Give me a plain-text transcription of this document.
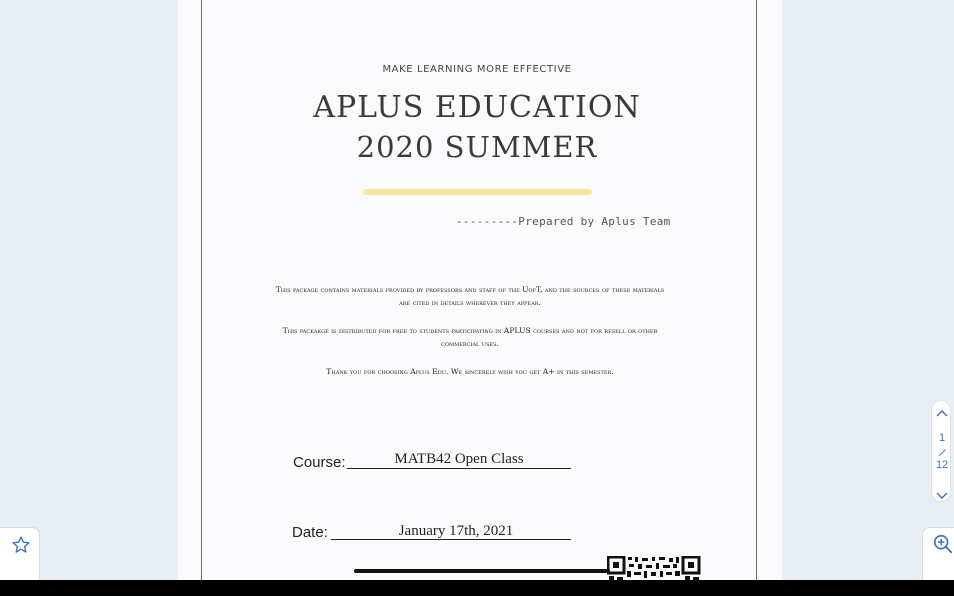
MAKE LEARNING MORE EFFECTIVE
APLUS EDUCATION
2020 SUMMER
---------Prepared by Aplus Team
This package contains materials provided by professors and staff of the UofT, and the sources of these materials are cited in details wherever they appear.
This packakge is distributed for free to students participating in APLUS courses and not for resell or other commercial uses.
Thank you for choosing Aplus Edu. We sincerely wish you get A+ in this semester.
Course:	MATB42 Open Class
Date:	January 17th, 2021
1
12
